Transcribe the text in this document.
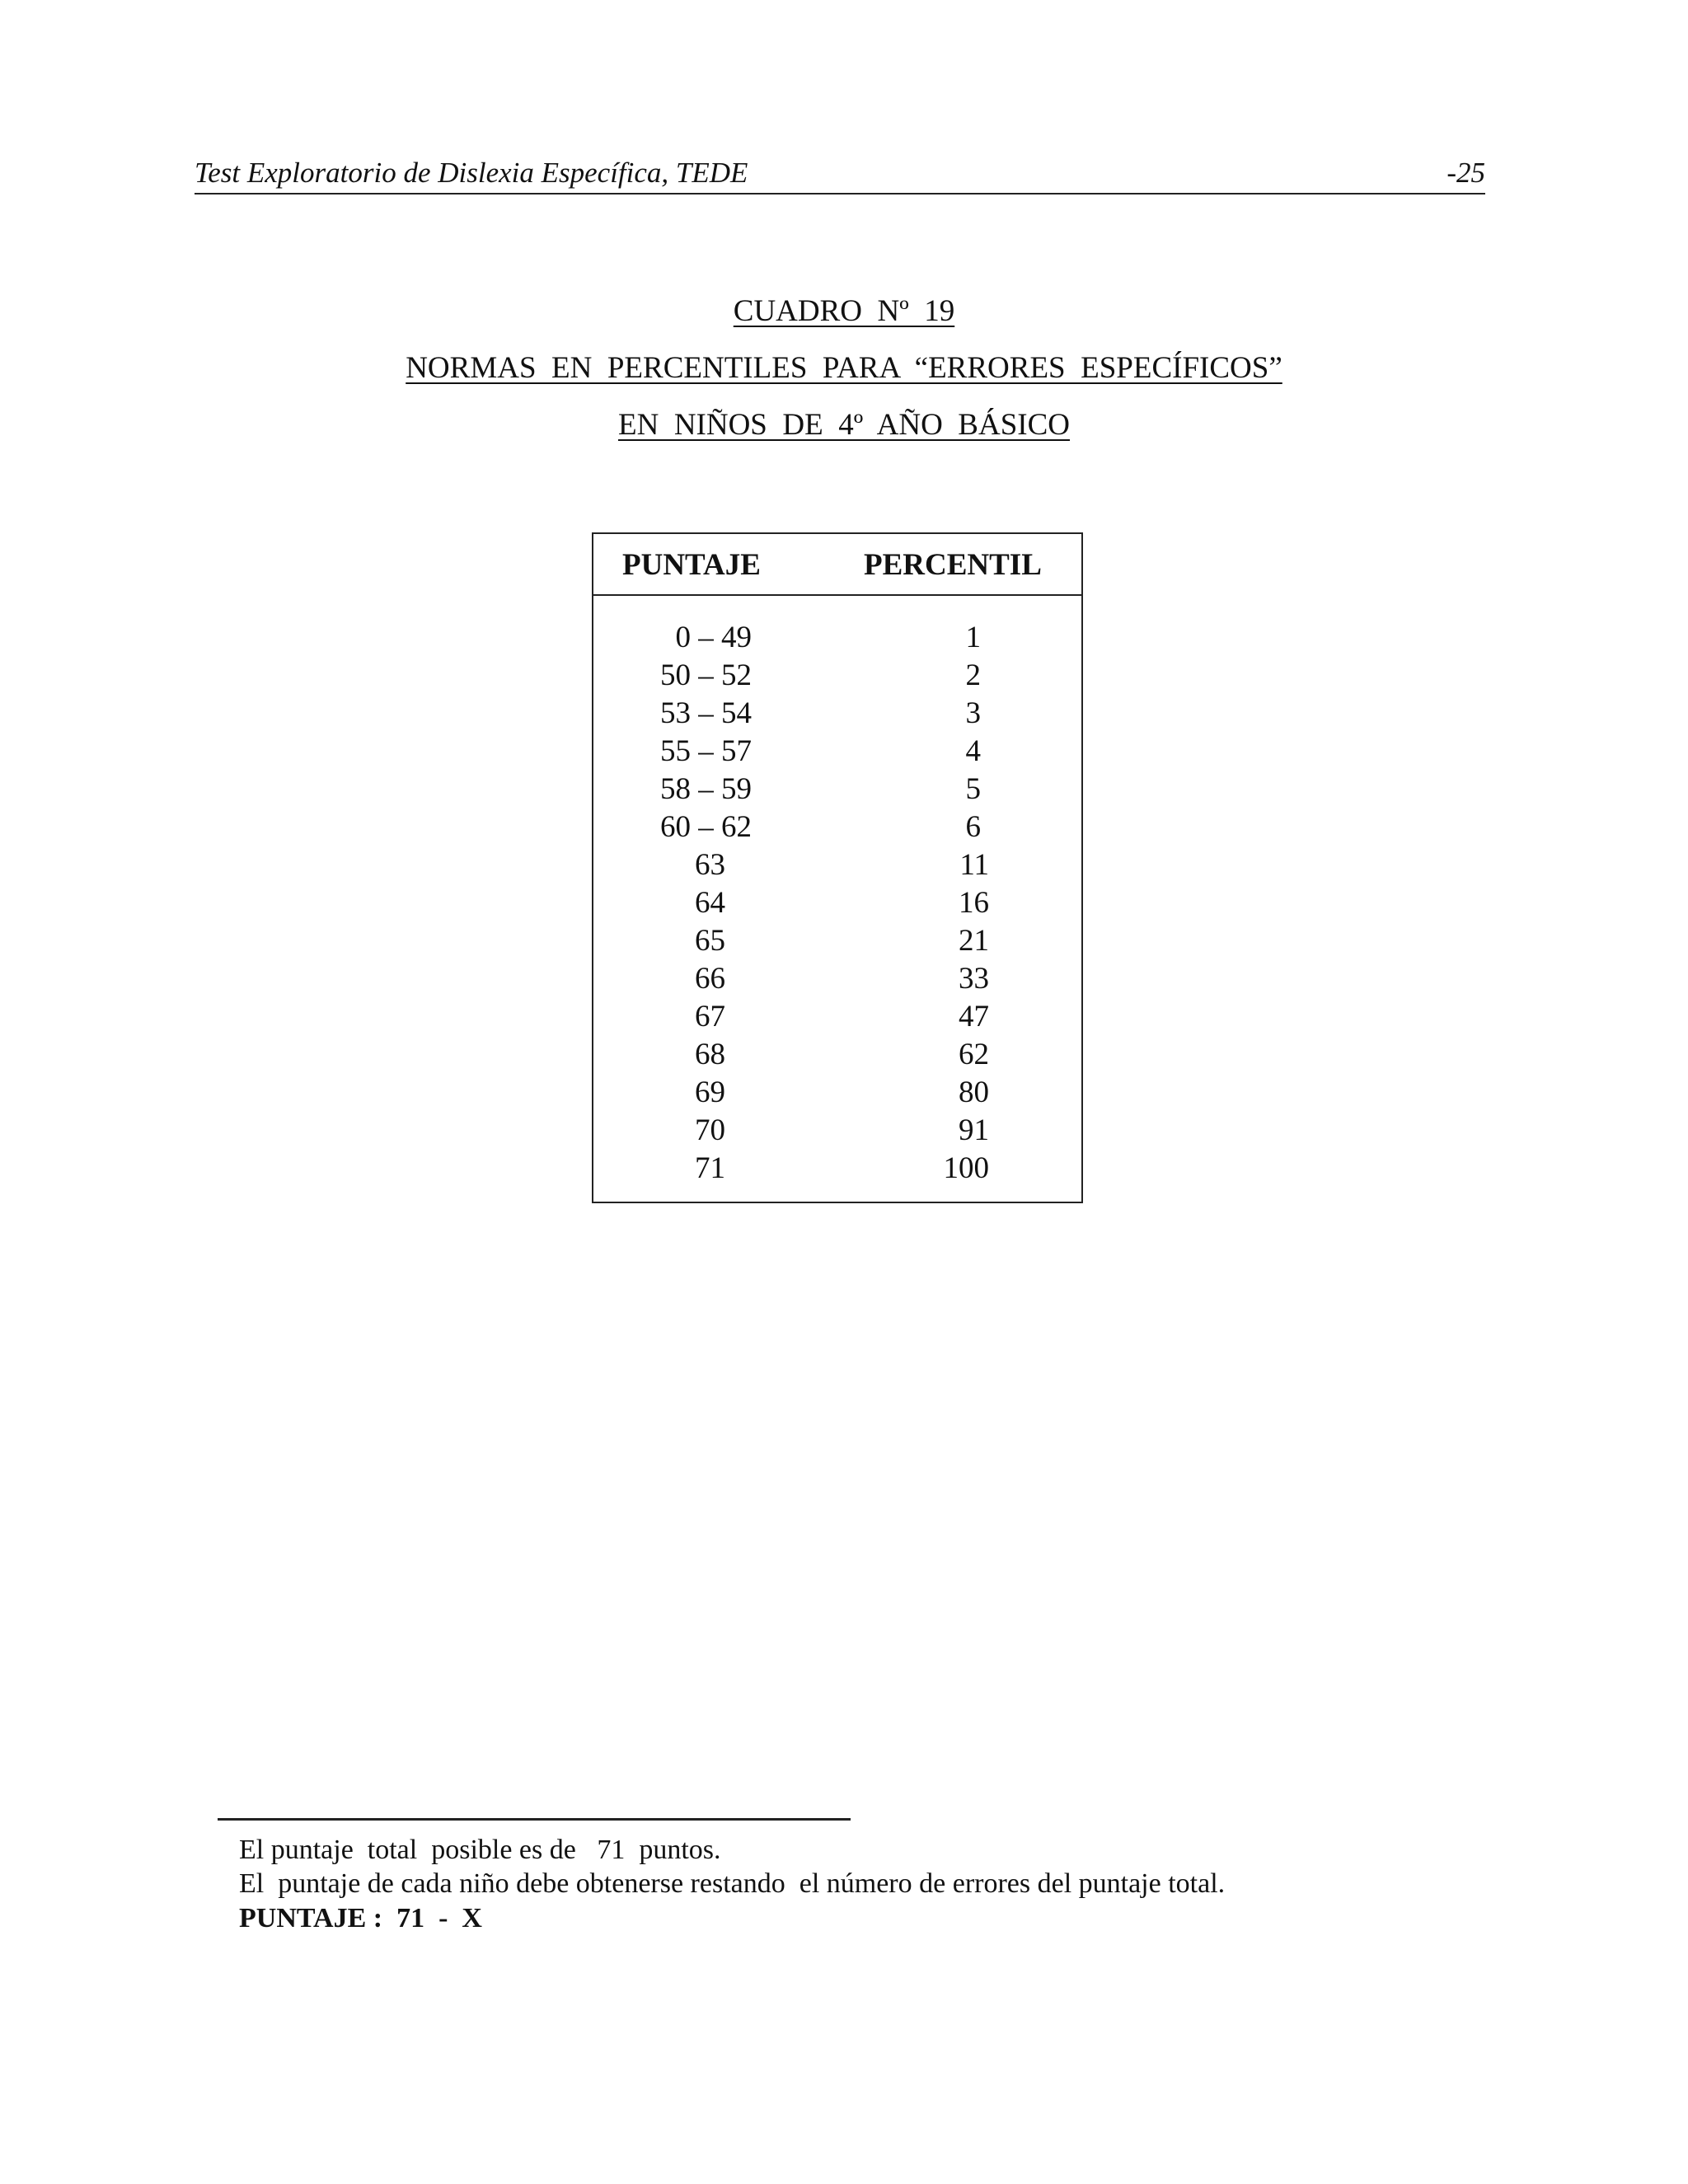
Test Exploratorio de Dislexia Específica, TEDE	-25
CUADRO  Nº  19
NORMAS  EN  PERCENTILES  PARA  “ERRORES  ESPECÍFICOS”
EN  NIÑOS  DE  4º  AÑO  BÁSICO
PUNTAJE	PERCENTIL
0 – 49	1
50 – 52	2
53 – 54	3
55 – 57	4
58 – 59	5
60 – 62	6
63	11
64	16
65	21
66	33
67	47
68	62
69	80
70	91
71	100
El puntaje  total  posible es de   71  puntos.
El  puntaje de cada niño debe obtenerse restando  el número de errores del puntaje total.
PUNTAJE :  71  -  X
